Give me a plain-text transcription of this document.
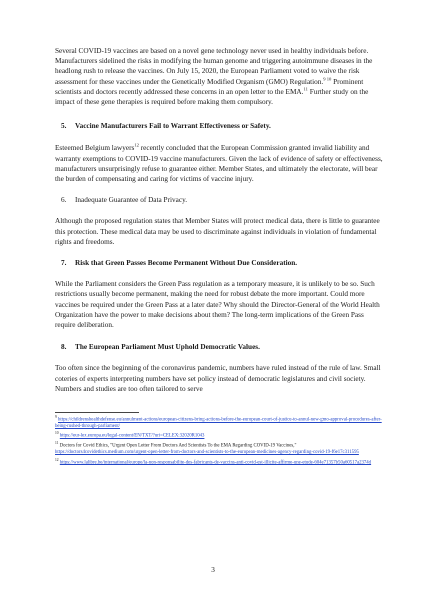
Several COVID-19 vaccines are based on a novel gene technology never used in healthy individuals before. Manufacturers sidelined the risks in modifying the human genome and triggering autoimmune diseases in the headlong rush to release the vaccines. On July 15, 2020, the European Parliament voted to waive the risk assessment for these vaccines under the Genetically Modified Organism (GMO) Regulation.$^{9 10}$ Prominent scientists and doctors recently addressed these concerns in an open letter to the EMA.$^{11}$ Further study on the impact of these gene therapies is required before making them compulsory.

5. Vaccine Manufacturers Fail to Warrant Effectiveness or Safety.

Esteemed Belgium lawyers$^{12}$ recently concluded that the European Commission granted invalid liability and warranty exemptions to COVID-19 vaccine manufacturers. Given the lack of evidence of safety or effectiveness, manufacturers unsurprisingly refuse to guarantee either. Member States, and ultimately the electorate, will bear the burden of compensating and caring for victims of vaccine injury.

6. Inadequate Guarantee of Data Privacy.

Although the proposed regulation states that Member States will protect medical data, there is little to guarantee this protection. These medical data may be used to discriminate against individuals in violation of fundamental rights and freedoms.

7. Risk that Green Passes Become Permanent Without Due Consideration.

While the Parliament considers the Green Pass regulation as a temporary measure, it is unlikely to be so. Such restrictions usually become permanent, making the need for robust debate the more important. Could more vaccines be required under the Green Pass at a later date? Why should the Director-General of the World Health Organization have the power to make decisions about them? The long-term implications of the Green Pass require deliberation.

8. The European Parliament Must Uphold Democratic Values.

Too often since the beginning of the coronavirus pandemic, numbers have ruled instead of the rule of law. Small coteries of experts interpreting numbers have set policy instead of democratic legislatures and civil society. Numbers and studies are too often tailored to serve

$^9$ https://childrenshealthdefense.eu/annulment-actions/european-citizens-bring-actions-before-the-european-court-of-justice-to-annul-new-gmo-approval-procedures-after-being-rushed-through-parliament/

$^{10}$ https://eur-lex.europa.eu/legal-content/EN/TXT/?uri=CELEX:32020R1043

$^{11}$ Doctors for Covid Ethics, "Urgent Open Letter From Doctors And Scientists To the EMA Regarding COVID-19 Vaccines," https://doctors4covidethics.medium.com/urgent-open-letter-from-doctors-and-scientists-to-the-european-medicines-agency-regarding-covid-19-f6e17c311595

$^{12}$ https://www.lalibre.be/international/europe/la-non-responsabilite-des-fabricants-de-vaccins-anti-covid-est-illicite-affirme-une-etude-604e71357b50a60517a2374d

3
